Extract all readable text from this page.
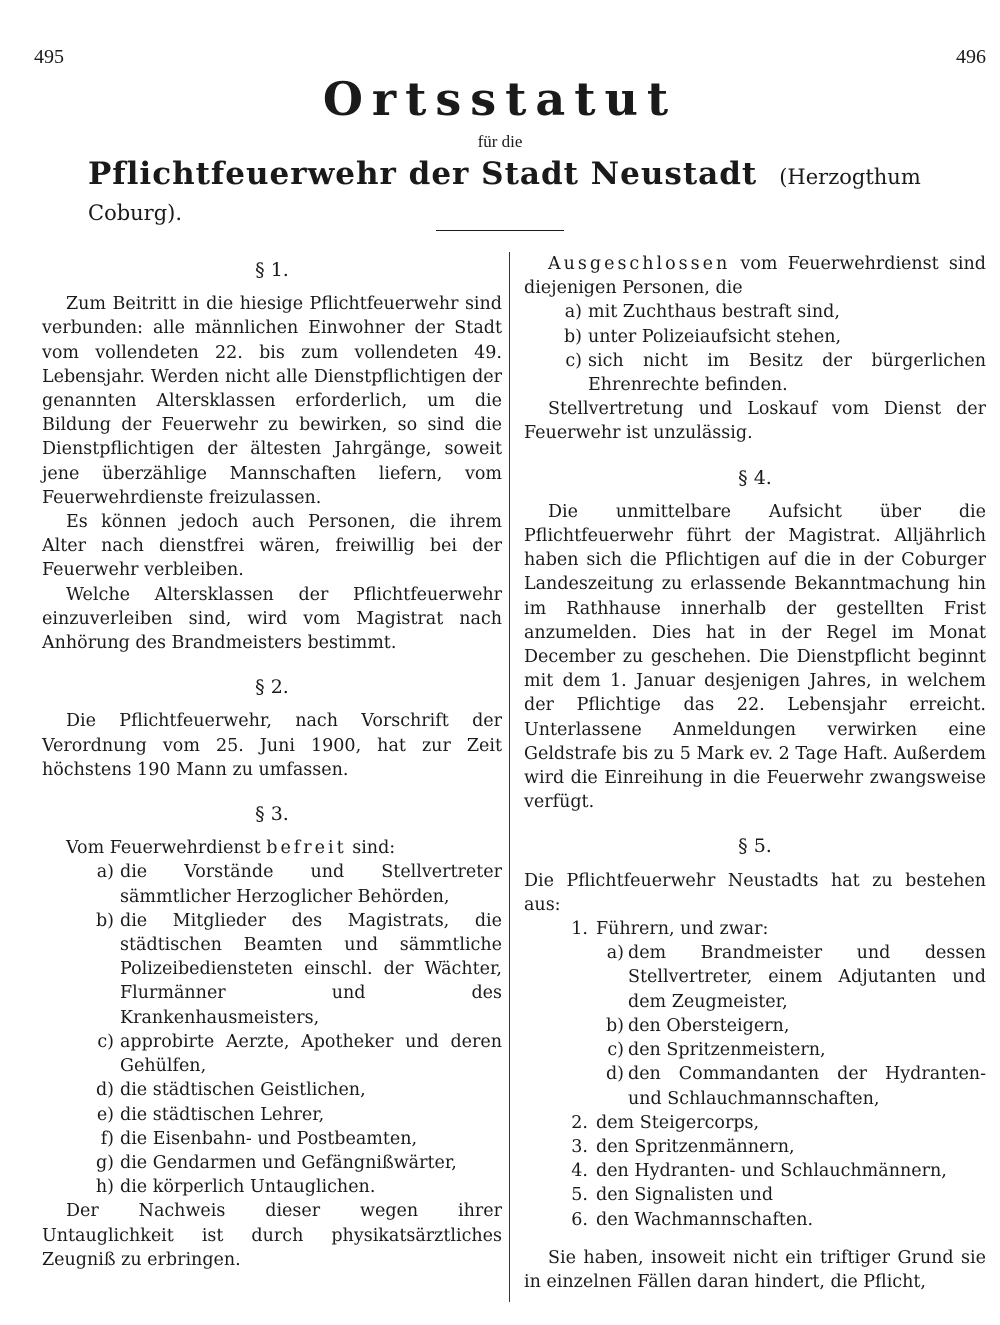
495	496
Ortsstatut
für die
Pflichtfeuerwehr der Stadt Neustadt (Herzogthum Coburg).
§ 1.

Zum Beitritt in die hiesige Pflichtfeuerwehr sind verbunden: alle männlichen Einwohner der Stadt vom vollendeten 22. bis zum vollendeten 49. Lebensjahr. Werden nicht alle Dienstpflichtigen der genannten Altersklassen erforderlich, um die Bildung der Feuerwehr zu bewirken, so sind die Dienstpflichtigen der ältesten Jahrgänge, soweit jene überzählige Mannschaften liefern, vom Feuerwehrdienste freizulassen.

Es können jedoch auch Personen, die ihrem Alter nach dienstfrei wären, freiwillig bei der Feuerwehr verbleiben.

Welche Altersklassen der Pflichtfeuerwehr einzuverleiben sind, wird vom Magistrat nach Anhörung des Brandmeisters bestimmt.

§ 2.

Die Pflichtfeuerwehr, nach Vorschrift der Verordnung vom 25. Juni 1900, hat zur Zeit höchstens 190 Mann zu umfassen.

§ 3.

Vom Feuerwehrdienst befreit sind:

a) die Vorstände und Stellvertreter sämmtlicher Herzoglicher Behörden,
b) die Mitglieder des Magistrats, die städtischen Beamten und sämmtliche Polizeibediensteten einschl. der Wächter, Flurmänner und des Krankenhausmeisters,
c) approbirte Aerzte, Apotheker und deren Gehülfen,
d) die städtischen Geistlichen,
e) die städtischen Lehrer,
f) die Eisenbahn- und Postbeamten,
g) die Gendarmen und Gefängnißwärter,
h) die körperlich Untauglichen.

Der Nachweis dieser wegen ihrer Untauglichkeit ist durch physikatsärztliches Zeugniß zu erbringen.

Ausgeschlossen vom Feuerwehrdienst sind diejenigen Personen, die

a) mit Zuchthaus bestraft sind,
b) unter Polizeiaufsicht stehen,
c) sich nicht im Besitz der bürgerlichen Ehrenrechte befinden.

Stellvertretung und Loskauf vom Dienst der Feuerwehr ist unzulässig.

§ 4.

Die unmittelbare Aufsicht über die Pflichtfeuerwehr führt der Magistrat. Alljährlich haben sich die Pflichtigen auf die in der Coburger Landeszeitung zu erlassende Bekanntmachung hin im Rathhause innerhalb der gestellten Frist anzumelden. Dies hat in der Regel im Monat December zu geschehen. Die Dienstpflicht beginnt mit dem 1. Januar desjenigen Jahres, in welchem der Pflichtige das 22. Lebensjahr erreicht. Unterlassene Anmeldungen verwirken eine Geldstrafe bis zu 5 Mark ev. 2 Tage Haft. Außerdem wird die Einreihung in die Feuerwehr zwangsweise verfügt.

§ 5.

Die Pflichtfeuerwehr Neustadts hat zu bestehen aus:

1. Führern, und zwar:
a) dem Brandmeister und dessen Stellvertreter, einem Adjutanten und dem Zeugmeister,
b) den Obersteigern,
c) den Spritzenmeistern,
d) den Commandanten der Hydranten- und Schlauchmannschaften,
2. dem Steigercorps,
3. den Spritzenmännern,
4. den Hydranten- und Schlauchmännern,
5. den Signalisten und
6. den Wachmannschaften.

Sie haben, insoweit nicht ein triftiger Grund sie in einzelnen Fällen daran hindert, die Pflicht,
